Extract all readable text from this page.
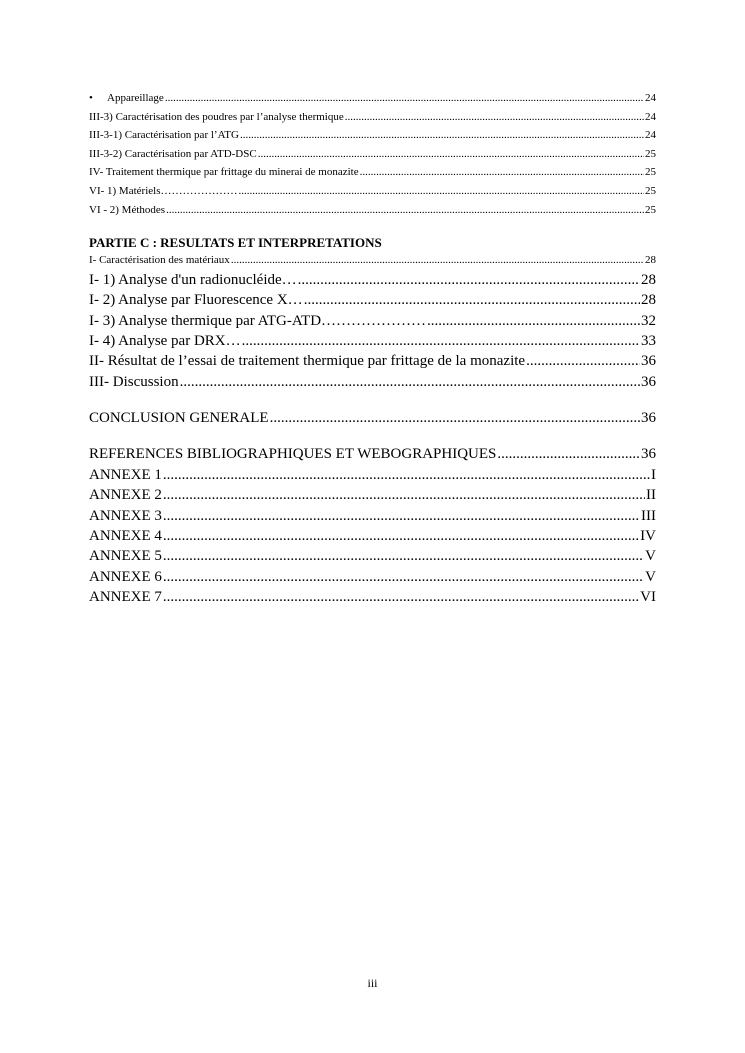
• Appareillage .....	24
III-3) Caractérisation des poudres par l’analyse thermique .....	24
III-3-1) Caractérisation par l’ATG .....	24
III-3-2) Caractérisation par ATD-DSC .....	25
IV- Traitement thermique par frittage du minerai de monazite .....	25
VI- 1) Matériels………………… .....	25
VI - 2) Méthodes .....	25
PARTIE C : RESULTATS ET INTERPRETATIONS
I- Caractérisation des matériaux .....	28
I- 1) Analyse d'un radionucléide… .....	28
I- 2) Analyse par Fluorescence X… .....	28
I- 3) Analyse thermique par ATG-ATD………………… .....	32
I- 4) Analyse par DRX… .....	33
II- Résultat de l’essai de traitement thermique par frittage de la monazite .....	36
III- Discussion .....	36
CONCLUSION GENERALE .....	36
REFERENCES BIBLIOGRAPHIQUES ET WEBOGRAPHIQUES .....	36
ANNEXE 1 .....	I
ANNEXE 2 .....	II
ANNEXE 3 .....	III
ANNEXE 4 .....	IV
ANNEXE 5 .....	V
ANNEXE 6 .....	V
ANNEXE 7 .....	VI
iii
